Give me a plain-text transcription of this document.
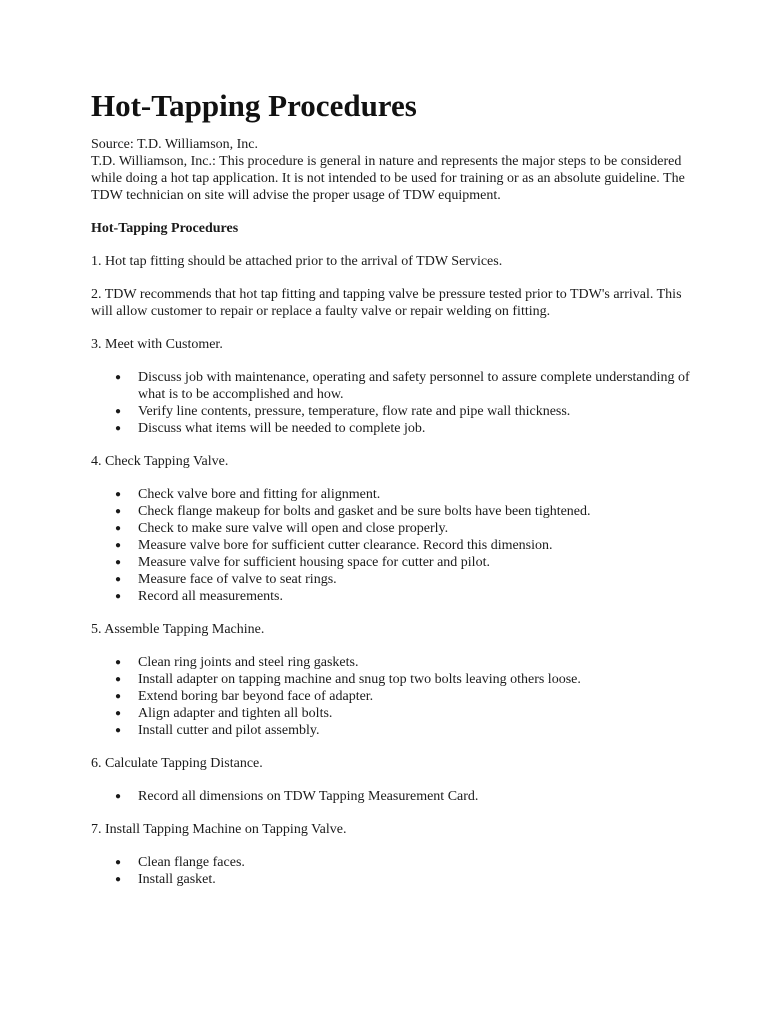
Hot-Tapping Procedures
Source: T.D. Williamson, Inc.

T.D. Williamson, Inc.: This procedure is general in nature and represents the major steps to be considered while doing a hot tap application. It is not intended to be used for training or as an absolute guideline. The TDW technician on site will advise the proper usage of TDW equipment.

Hot-Tapping Procedures

1. Hot tap fitting should be attached prior to the arrival of TDW Services.

2. TDW recommends that hot tap fitting and tapping valve be pressure tested prior to TDW's arrival. This will allow customer to repair or replace a faulty valve or repair welding on fitting.

3. Meet with Customer.

● Discuss job with maintenance, operating and safety personnel to assure complete understanding of what is to be accomplished and how.
● Verify line contents, pressure, temperature, flow rate and pipe wall thickness.
● Discuss what items will be needed to complete job.

4. Check Tapping Valve.

● Check valve bore and fitting for alignment.
● Check flange makeup for bolts and gasket and be sure bolts have been tightened.
● Check to make sure valve will open and close properly.
● Measure valve bore for sufficient cutter clearance. Record this dimension.
● Measure valve for sufficient housing space for cutter and pilot.
● Measure face of valve to seat rings.
● Record all measurements.

5. Assemble Tapping Machine.

● Clean ring joints and steel ring gaskets.
● Install adapter on tapping machine and snug top two bolts leaving others loose.
● Extend boring bar beyond face of adapter.
● Align adapter and tighten all bolts.
● Install cutter and pilot assembly.

6. Calculate Tapping Distance.

● Record all dimensions on TDW Tapping Measurement Card.

7. Install Tapping Machine on Tapping Valve.

● Clean flange faces.
● Install gasket.
